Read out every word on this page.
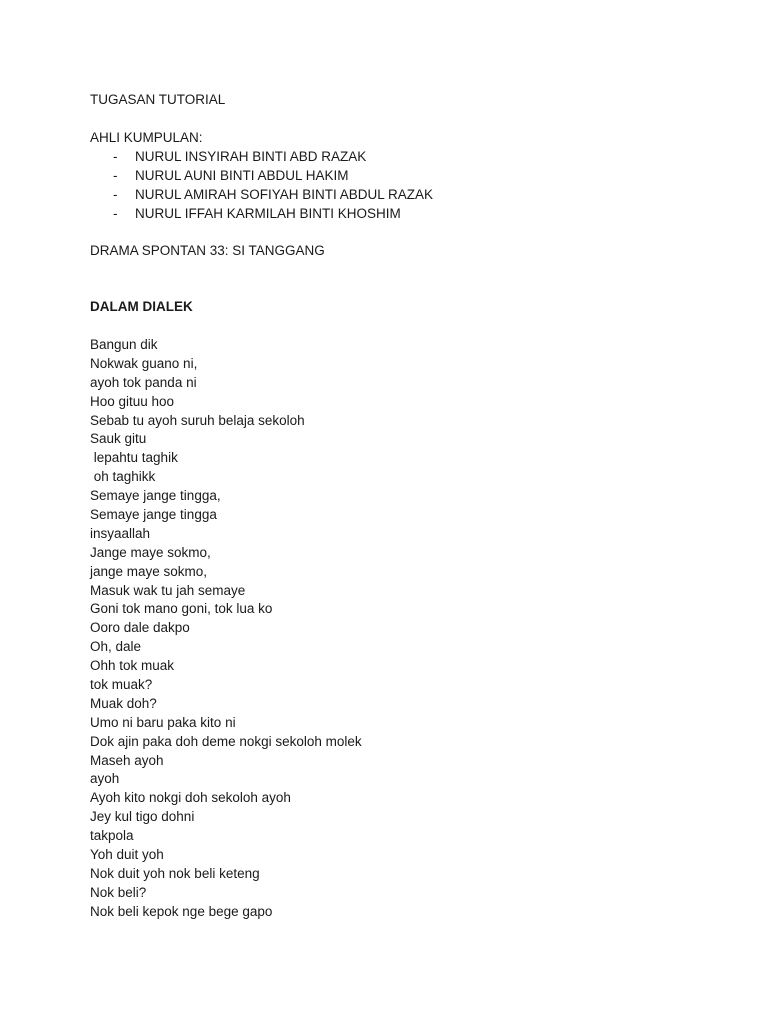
TUGASAN TUTORIAL
AHLI KUMPULAN:
- NURUL INSYIRAH BINTI ABD RAZAK
- NURUL AUNI BINTI ABDUL HAKIM
- NURUL AMIRAH SOFIYAH BINTI ABDUL RAZAK
- NURUL IFFAH KARMILAH BINTI KHOSHIM
DRAMA SPONTAN 33: SI TANGGANG
DALAM DIALEK
Bangun dik
Nokwak guano ni,
ayoh tok panda ni
Hoo gituu hoo
Sebab tu ayoh suruh belaja sekoloh
Sauk gitu
lepahtu taghik
oh taghikk
Semaye jange tingga,
Semaye jange tingga
insyaallah
Jange maye sokmo,
jange maye sokmo,
Masuk wak tu jah semaye
Goni tok mano goni, tok lua ko
Ooro dale dakpo
Oh, dale
Ohh tok muak
tok muak?
Muak doh?
Umo ni baru paka kito ni
Dok ajin paka doh deme nokgi sekoloh molek
Maseh ayoh
ayoh
Ayoh kito nokgi doh sekoloh ayoh
Jey kul tigo dohni
takpola
Yoh duit yoh
Nok duit yoh nok beli keteng
Nok beli?
Nok beli kepok nge bege gapo
